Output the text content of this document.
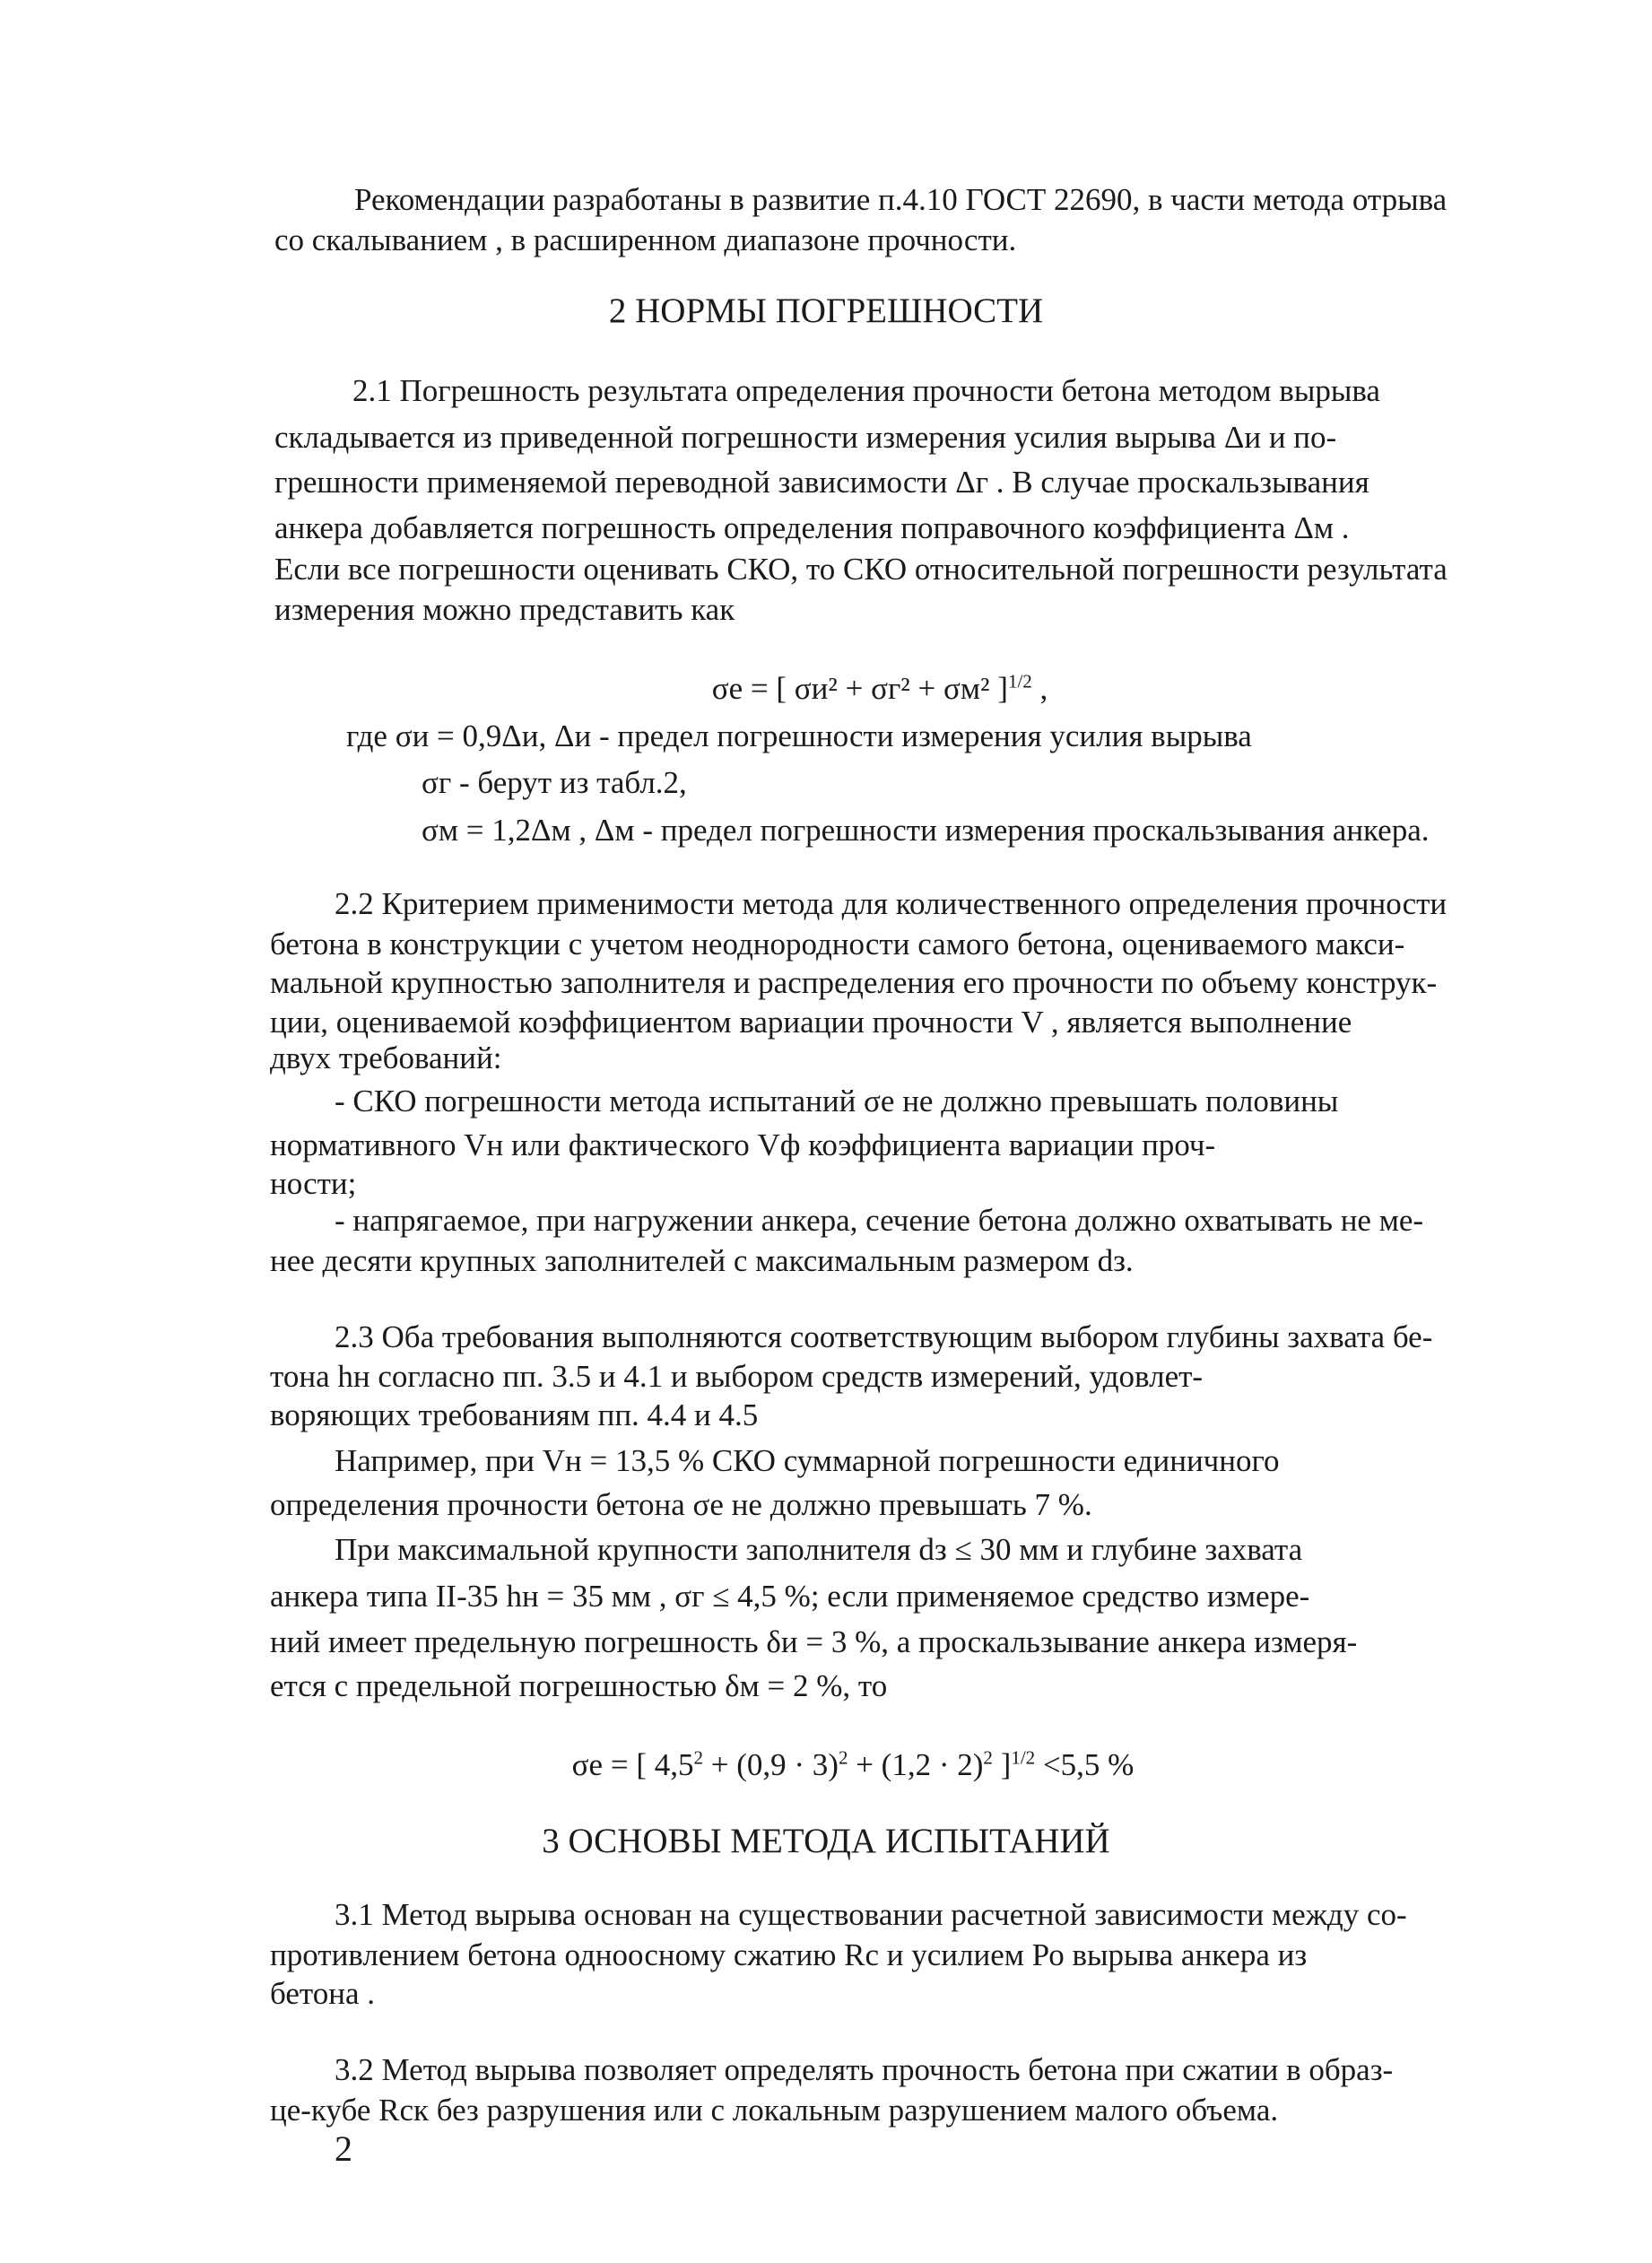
Рекомендации разработаны в развитие п.4.10 ГОСТ 22690, в части метода отрыва
со скалыванием , в расширенном диапазоне прочности.
2 НОРМЫ ПОГРЕШНОСТИ
2.1 Погрешность результата определения прочности бетона методом вырыва
складывается из приведенной погрешности измерения усилия вырыва Δи и по-
грешности применяемой переводной зависимости Δг . В случае проскальзывания
анкера добавляется погрешность определения поправочного коэффициента Δм .
Если все погрешности оценивать СКО, то СКО относительной погрешности результата
измерения можно представить как
σе = [ σи² + σг² + σм² ]$^{1/2}$ ,
где σи = 0,9Δи, Δи - предел погрешности измерения усилия вырыва
σг - берут из табл.2,
σм = 1,2Δм , Δм - предел погрешности измерения проскальзывания анкера.
2.2 Критерием применимости метода для количественного определения прочности
бетона в конструкции с учетом неоднородности самого бетона, оцениваемого макси-
мальной крупностью заполнителя и распределения его прочности по объему конструк-
ции, оцениваемой коэффициентом вариации прочности V , является выполнение
двух требований:
- СКО погрешности метода испытаний σе не должно превышать половины
нормативного Vн или фактического Vф коэффициента вариации проч-
ности;
- напрягаемое, при нагружении анкера, сечение бетона должно охватывать не ме-
нее десяти крупных заполнителей с максимальным размером dз.
2.3 Оба требования выполняются соответствующим выбором глубины захвата бе-
тона hн согласно пп. 3.5 и 4.1 и выбором средств измерений, удовлет-
воряющих требованиям пп. 4.4 и 4.5
Например, при Vн = 13,5 % СКО суммарной погрешности единичного
определения прочности бетона σе не должно превышать 7 %.
При максимальной крупности заполнителя dз ≤ 30 мм и глубине захвата
анкера типа II-35 hн = 35 мм , σг ≤ 4,5 %; если применяемое средство измере-
ний имеет предельную погрешность δи = 3 %, а проскальзывание анкера измеря-
ется с предельной погрешностью δм = 2 %, то
σе = [ $4,5^2 + (0,9 \cdot 3)^2 + (1,2 \cdot 2)^2$ ]$^{1/2}$ <5,5 %
3 ОСНОВЫ МЕТОДА ИСПЫТАНИЙ
3.1 Метод вырыва основан на существовании расчетной зависимости между со-
противлением бетона одноосному сжатию Rс и усилием Ро вырыва анкера из
бетона .
3.2 Метод вырыва позволяет определять прочность бетона при сжатии в образ-
це-кубе Rск без разрушения или с локальным разрушением малого объема.
2
